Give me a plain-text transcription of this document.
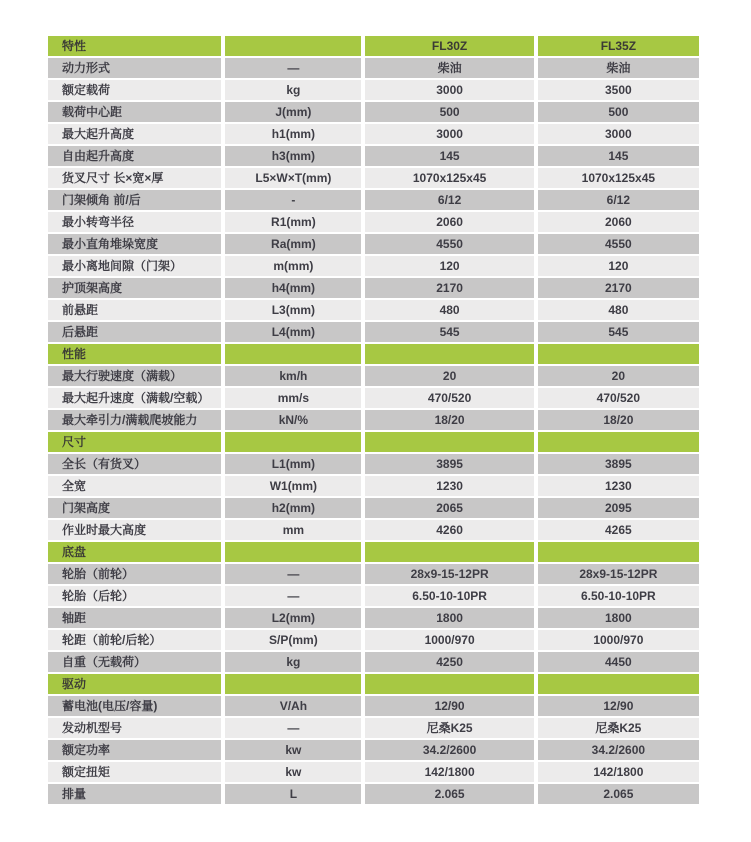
特性		FL30Z	FL35Z
动力形式	—	柴油	柴油
额定载荷	kg	3000	3500
载荷中心距	J(mm)	500	500
最大起升高度	h1(mm)	3000	3000
自由起升高度	h3(mm)	145	145
货叉尺寸 长×宽×厚	L5×W×T(mm)	1070x125x45	1070x125x45
门架倾角 前/后	-	6/12	6/12
最小转弯半径	R1(mm)	2060	2060
最小直角堆垛宽度	Ra(mm)	4550	4550
最小离地间隙（门架）	m(mm)	120	120
护顶架高度	h4(mm)	2170	2170
前悬距	L3(mm)	480	480
后悬距	L4(mm)	545	545
性能			
最大行驶速度（满载）	km/h	20	20
最大起升速度（满载/空载）	mm/s	470/520	470/520
最大牵引力/满载爬坡能力	kN/%	18/20	18/20
尺寸			
全长（有货叉）	L1(mm)	3895	3895
全宽	W1(mm)	1230	1230
门架高度	h2(mm)	2065	2095
作业时最大高度	mm	4260	4265
底盘			
轮胎（前轮）	—	28x9-15-12PR	28x9-15-12PR
轮胎（后轮）	—	6.50-10-10PR	6.50-10-10PR
轴距	L2(mm)	1800	1800
轮距（前轮/后轮）	S/P(mm)	1000/970	1000/970
自重（无载荷）	kg	4250	4450
驱动			
蓄电池(电压/容量)	V/Ah	12/90	12/90
发动机型号	—	尼桑K25	尼桑K25
额定功率	kw	34.2/2600	34.2/2600
额定扭矩	kw	142/1800	142/1800
排量	L	2.065	2.065
